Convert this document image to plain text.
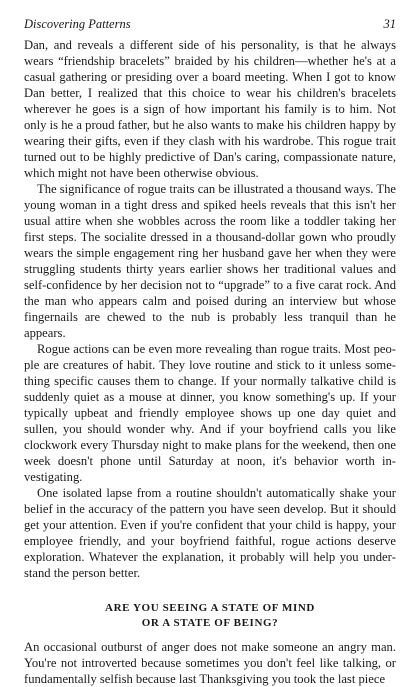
Discovering Patterns	31

Dan, and reveals a different side of his personality, is that he always wears “friendship bracelets” braided by his children—whether he's at a casual gathering or presiding over a board meeting. When I got to know Dan better, I realized that this choice to wear his children's bracelets wherever he goes is a sign of how important his family is to him. Not only is he a proud father, but he also wants to make his children happy by wearing their gifts, even if they clash with his wardrobe. This rogue trait turned out to be highly predictive of Dan's caring, compassionate nature, which might not have been otherwise obvious.

The significance of rogue traits can be illustrated a thousand ways. The young woman in a tight dress and spiked heels reveals that this isn't her usual attire when she wobbles across the room like a toddler taking her first steps. The socialite dressed in a thousand-dollar gown who proudly wears the simple engagement ring her husband gave her when they were struggling students thirty years earlier shows her traditional values and self-confidence by her decision not to “upgrade” to a five carat rock. And the man who appears calm and poised during an interview but whose fingernails are chewed to the nub is probably less tranquil than he appears.

Rogue actions can be even more revealing than rogue traits. Most people are creatures of habit. They love routine and stick to it unless something specific causes them to change. If your normally talkative child is suddenly quiet as a mouse at dinner, you know something's up. If your typically upbeat and friendly employee shows up one day quiet and sullen, you should wonder why. And if your boyfriend calls you like clockwork every Thursday night to make plans for the weekend, then one week doesn't phone until Saturday at noon, it's behavior worth investigating.

One isolated lapse from a routine shouldn't automatically shake your belief in the accuracy of the pattern you have seen develop. But it should get your attention. Even if you're confident that your child is happy, your employee friendly, and your boyfriend faithful, rogue actions deserve exploration. Whatever the explanation, it probably will help you understand the person better.

ARE YOU SEEING A STATE OF MIND
OR A STATE OF BEING?

An occasional outburst of anger does not make someone an angry man. You're not introverted because sometimes you don't feel like talking, or fundamentally selfish because last Thanksgiving you took the last piece
